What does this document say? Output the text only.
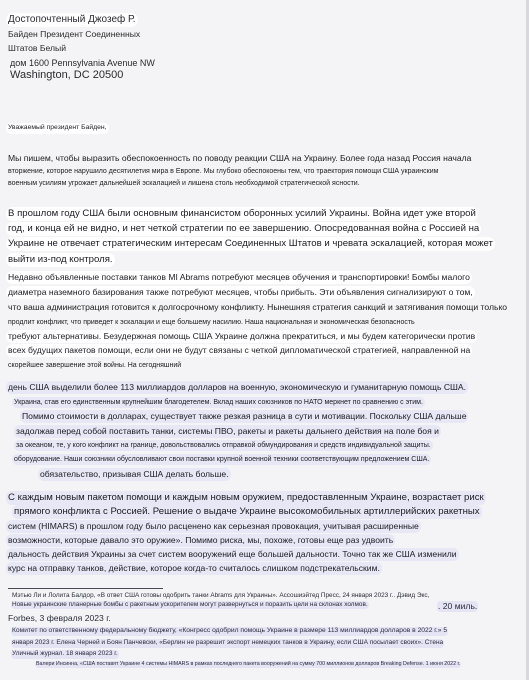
Достопочтенный Джозеф Р.
Байден Президент Соединенных
Штатов Белый
дом 1600 Pennsylvania Avenue NW
Washington, DC 20500
Уважаемый президент Байден,
Мы пишем, чтобы выразить обеспокоенность по поводу реакции США на Украину. Более года назад Россия начала
вторжение, которое нарушило десятилетия мира в Европе. Мы глубоко обеспокоены тем, что траектория помощи США украинским
военным усилиям угрожает дальнейшей эскалацией и лишена столь необходимой стратегической ясности.
В прошлом году США были основным финансистом оборонных усилий Украины. Война идет уже второй
год, и конца ей не видно, и нет четкой стратегии по ее завершению. Опосредованная война с Россией на
Украине не отвечает стратегическим интересам Соединенных Штатов и чревата эскалацией, которая может
выйти из-под контроля.
Недавно объявленные поставки танков MI Abrams потребуют месяцев обучения и транспортировки! Бомбы малого
диаметра наземного базирования также потребуют месяцев, чтобы прибыть. Эти объявления сигнализируют о том,
что ваша администрация готовится к долгосрочному конфликту. Нынешняя стратегия санкций и затягивания помощи только
продлит конфликт, что приведет к эскалации и еще большему насилию. Наша национальная и экономическая безопасность
требуют альтернативы. Безудержная помощь США Украине должна прекратиться, и мы будем категорически против
всех будущих пакетов помощи, если они не будут связаны с четкой дипломатической стратегией, направленной на
скорейшее завершение этой войны. На сегодняшний
день США выделили более 113 миллиардов долларов на военную, экономическую и гуманитарную помощь США.
Украина, став его единственным крупнейшим благодетелем. Вклад наших союзников по НАТО меркнет по сравнению с этим.
Помимо стоимости в долларах, существует также резкая разница в сути и мотивации. Поскольку США дальше
задолжав перед собой поставить танки, системы ПВО, ракеты и ракеты дальнего действия на поле боя и
за океаном, те, у кого конфликт на границе, довольствовались отправкой обмундирования и средств индивидуальной защиты.
оборудование. Наши союзники обусловливают свои поставки крупной военной техники соответствующим предложением США.
обязательство, призывая США делать больше.
С каждым новым пакетом помощи и каждым новым оружием, предоставленным Украине, возрастает риск
прямого конфликта с Россией. Решение о выдаче Украине высокомобильных артиллерийских ракетных
систем (HIMARS) в прошлом году было расценено как серьезная провокация, учитывая расширенные
возможности, которые давало это оружие». Помимо риска, мы, похоже, готовы еще раз удвоить
дальность действия Украины за счет систем вооружений еще большей дальности. Точно так же США изменили
курс на отправку танков, действие, которое когда-то считалось слишком подстрекательским.
Мэтью Ли и Лолита Балдор, «В ответ США готовы одобрить танки Abrams для Украины». Ассошиэйтед Пресс, 24 января 2023 г.. Дэвид Экс,
Новые украинские планерные бомбы с ракетным ускорителем могут развернуться и поразить цели на склонах холмов.	. 20 миль.
Forbes, 3 февраля 2023 г.
Комитет по ответственному федеральному бюджету, «Конгресс одобрил помощь Украине в размере 113 миллиардов долларов в 2022 г.» 5
января 2023 г. Елена Черней и Боян Панчевски, «Берлин не разрешит экспорт немецких танков в Украину, если США посылает своих». Стена
Уличный журнал. 18 января 2023 г.
Валери Инсинна, «США поставят Украине 4 системы HIMARS в рамках последнего пакета вооружений на сумму 700 миллионов долларов Breaking Defense. 1 июня 2022 г.
